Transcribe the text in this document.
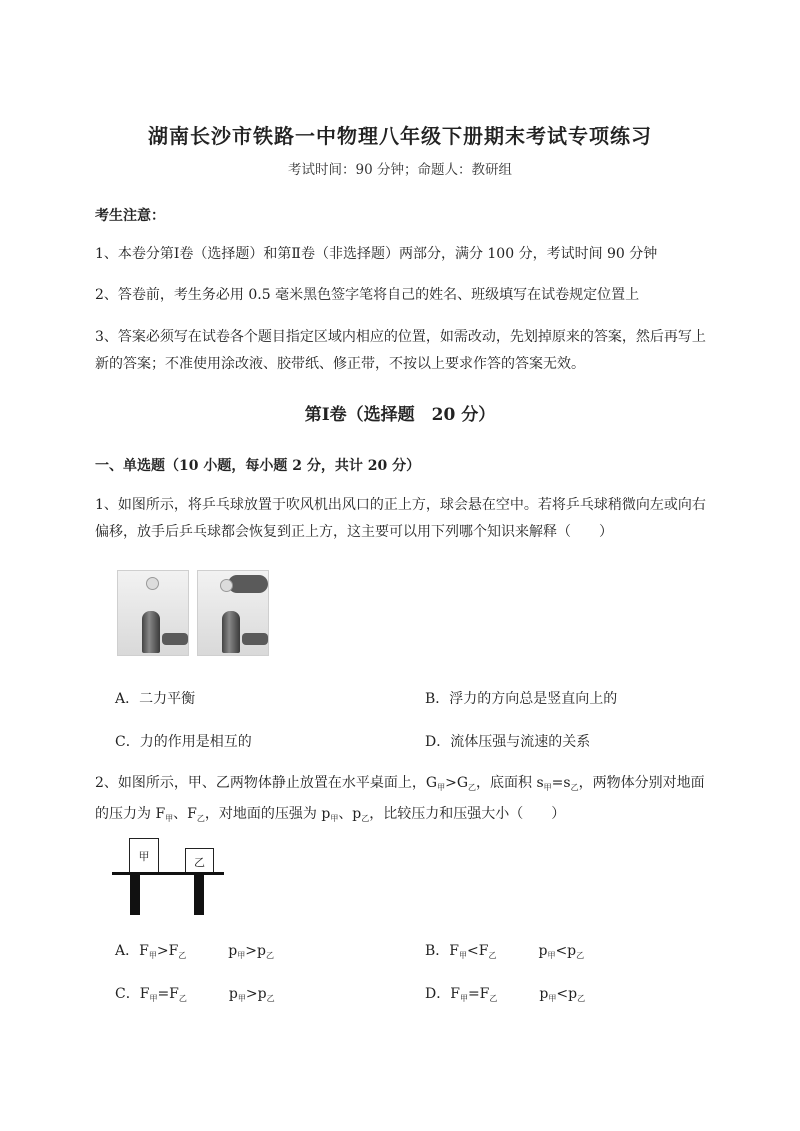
湖南长沙市铁路一中物理八年级下册期末考试专项练习
考试时间：90 分钟；命题人：教研组
考生注意：
1、本卷分第Ⅰ卷（选择题）和第Ⅱ卷（非选择题）两部分，满分 100 分，考试时间 90 分钟
2、答卷前，考生务必用 0.5 毫米黑色签字笔将自己的姓名、班级填写在试卷规定位置上
3、答案必须写在试卷各个题目指定区域内相应的位置，如需改动，先划掉原来的答案，然后再写上新的答案；不准使用涂改液、胶带纸、修正带，不按以上要求作答的答案无效。
第Ⅰ卷（选择题　20 分）
一、单选题（10 小题，每小题 2 分，共计 20 分）
1、如图所示，将乒乓球放置于吹风机出风口的正上方，球会悬在空中。若将乒乓球稍微向左或向右偏移，放手后乒乓球都会恢复到正上方，这主要可以用下列哪个知识来解释（　　）
A．二力平衡	B．浮力的方向总是竖直向上的
C．力的作用是相互的	D．流体压强与流速的关系
2、如图所示，甲、乙两物体静止放置在水平桌面上，$G_甲>G_乙$，底面积 $s_甲=s_乙$，两物体分别对地面的压力为 $F_甲$、$F_乙$，对地面的压强为 $p_甲$、$p_乙$，比较压力和压强大小（　　）
甲	乙
A．$F_甲>F_乙$	$p_甲>p_乙$	B．$F_甲<F_乙$	$p_甲<p_乙$
C．$F_甲=F_乙$	$p_甲>p_乙$	D．$F_甲=F_乙$	$p_甲<p_乙$
